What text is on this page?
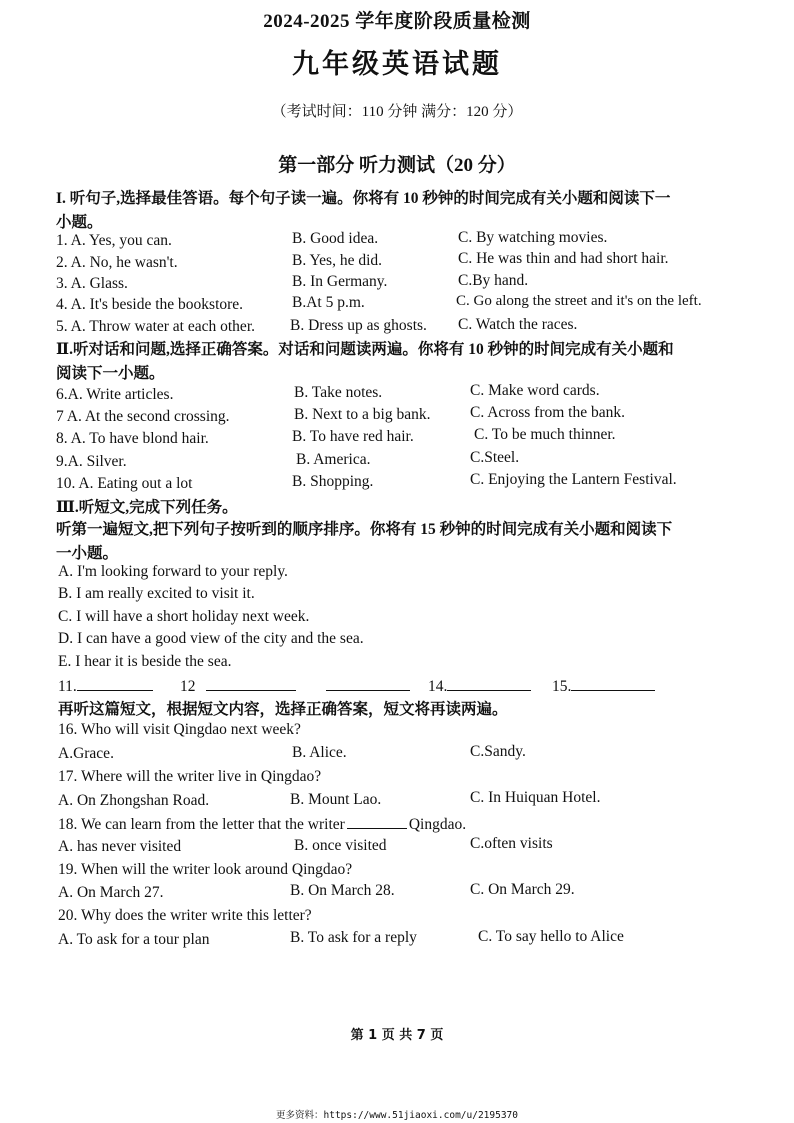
2024-2025 学年度阶段质量检测
九年级英语试题
（考试时间：110 分钟 满分：120 分）
第一部分 听力测试（20 分）
I. 听句子,选择最佳答语。每个句子读一遍。你将有 10 秒钟的时间完成有关小题和阅读下一
小题。
1. A. Yes, you can.	B. Good idea.	C. By watching movies.
2. A. No, he wasn't.	B. Yes, he did.	C. He was thin and had short hair.
3. A. Glass.	B. In Germany.	C.By hand.
4. A. It's beside the bookstore.	B.At 5 p.m.	C. Go along the street and it's on the left.
5. A. Throw water at each other. B. Dress up as ghosts. C. Watch the races.
Ⅱ.听对话和问题,选择正确答案。对话和问题读两遍。你将有 10 秒钟的时间完成有关小题和
阅读下一小题。
6.A. Write articles.	B. Take notes.	C. Make word cards.
7 A. At the second crossing.	B. Next to a big bank.	C. Across from the bank.
8. A. To have blond hair.	B. To have red hair.	C. To be much thinner.
9.A. Silver.	B. America.	C.Steel.
10. A. Eating out a lot	B. Shopping.	C. Enjoying the Lantern Festival.
Ⅲ.听短文,完成下列任务。
听第一遍短文,把下列句子按听到的顺序排序。你将有 15 秒钟的时间完成有关小题和阅读下
一小题。
A. I'm looking forward to your reply.
B. I am really excited to visit it.
C. I will have a short holiday next week.
D. I can have a good view of the city and the sea.
E. I hear it is beside the sea.
11.	12	14.	15.
再听这篇短文，根据短文内容，选择正确答案，短文将再读两遍。
16. Who will visit Qingdao next week?
A.Grace.	B. Alice.	C.Sandy.
17. Where will the writer live in Qingdao?
A. On Zhongshan Road.	B. Mount Lao.	C. In Huiquan Hotel.
18. We can learn from the letter that the writer	Qingdao.
A. has never visited	B. once visited	C.often visits
19. When will the writer look around Qingdao?
A. On March 27.	B. On March 28.	C. On March 29.
20. Why does the writer write this letter?
A. To ask for a tour plan	B. To ask for a reply	C. To say hello to Alice
第 1 页 共 7 页
更多资料：https://www.51jiaoxi.com/u/2195370
